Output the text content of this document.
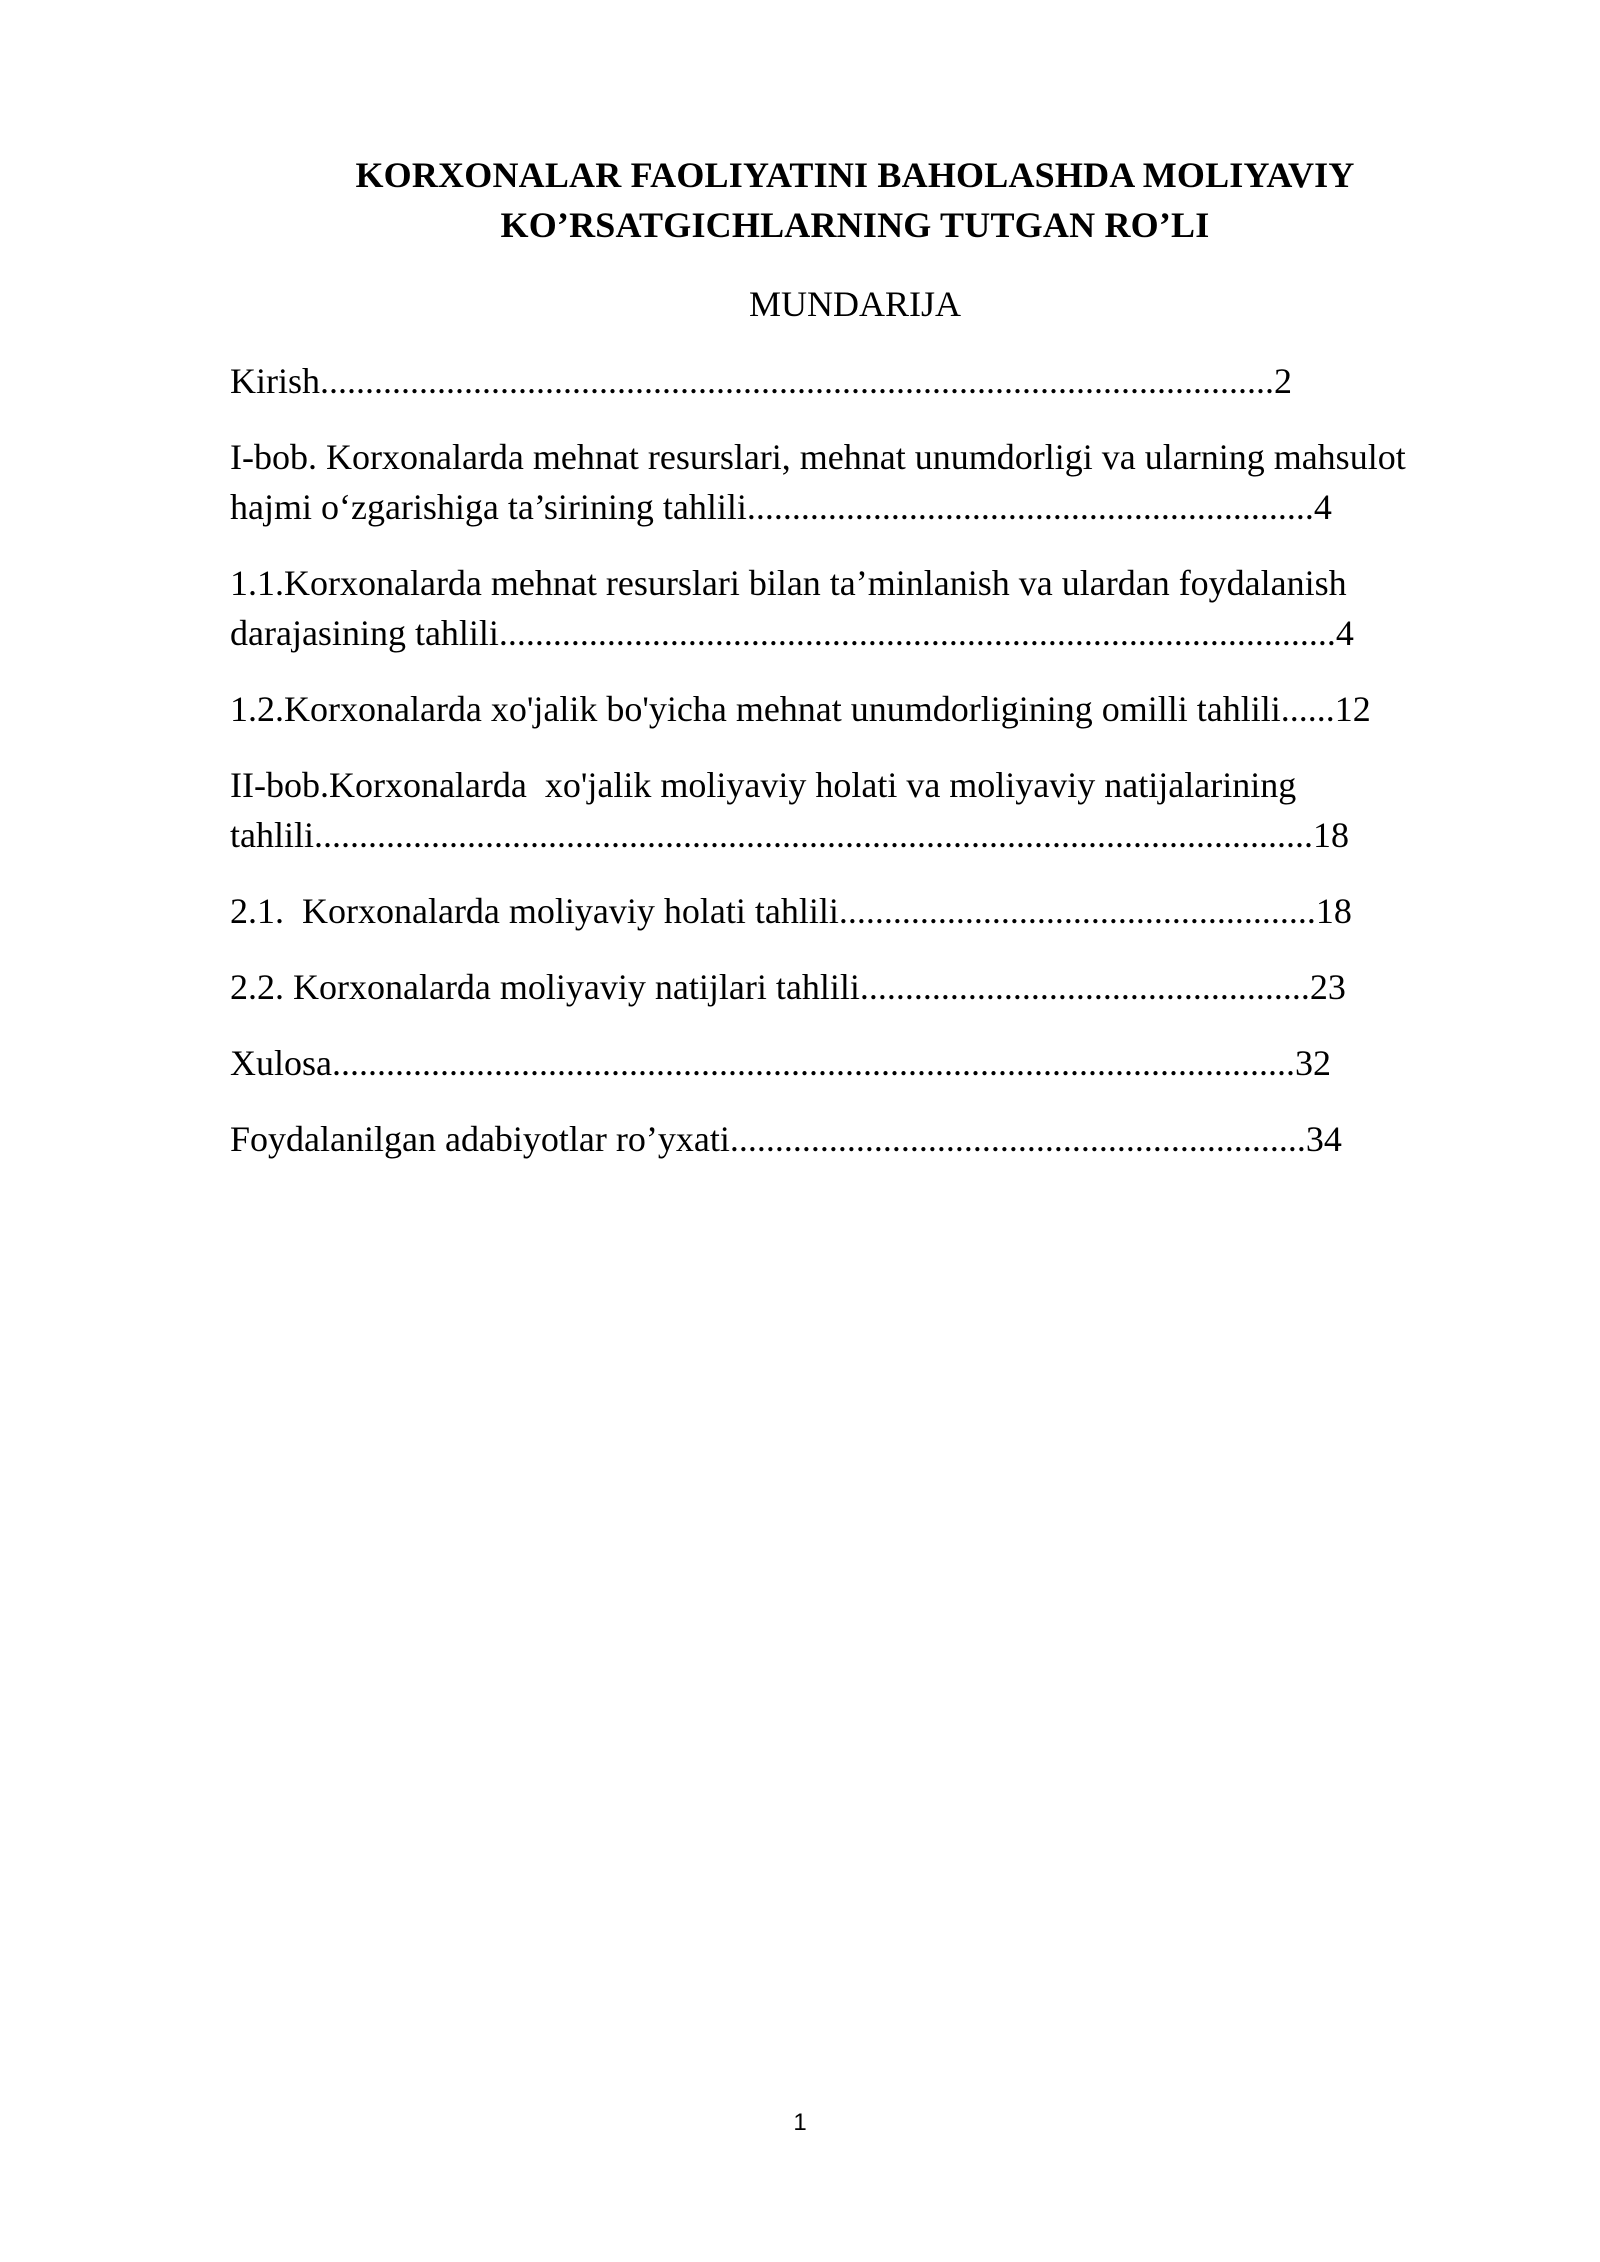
KORXONALAR FAOLIYATINI BAHOLASHDA MOLIYAVIY
KO’RSATGICHLARNING TUTGAN RO’LI
MUNDARIJA
Kirish..........................................................................................................2
I-bob. Korxonalarda mehnat resurslari, mehnat unumdorligi va ularning mahsulot
hajmi o‘zgarishiga ta’sirining tahlili...............................................................4
1.1.Korxonalarda mehnat resurslari bilan ta’minlanish va ulardan foydalanish
darajasining tahlili.............................................................................................4
1.2.Korxonalarda xo'jalik bo'yicha mehnat unumdorligining omilli tahlili......12
II-bob.Korxonalarda  xo'jalik moliyaviy holati va moliyaviy natijalarining
tahlili...............................................................................................................18
2.1.  Korxonalarda moliyaviy holati tahlili.....................................................18
2.2. Korxonalarda moliyaviy natijlari tahlili..................................................23
Xulosa...........................................................................................................32
Foydalanilgan adabiyotlar ro’yxati................................................................34
1
